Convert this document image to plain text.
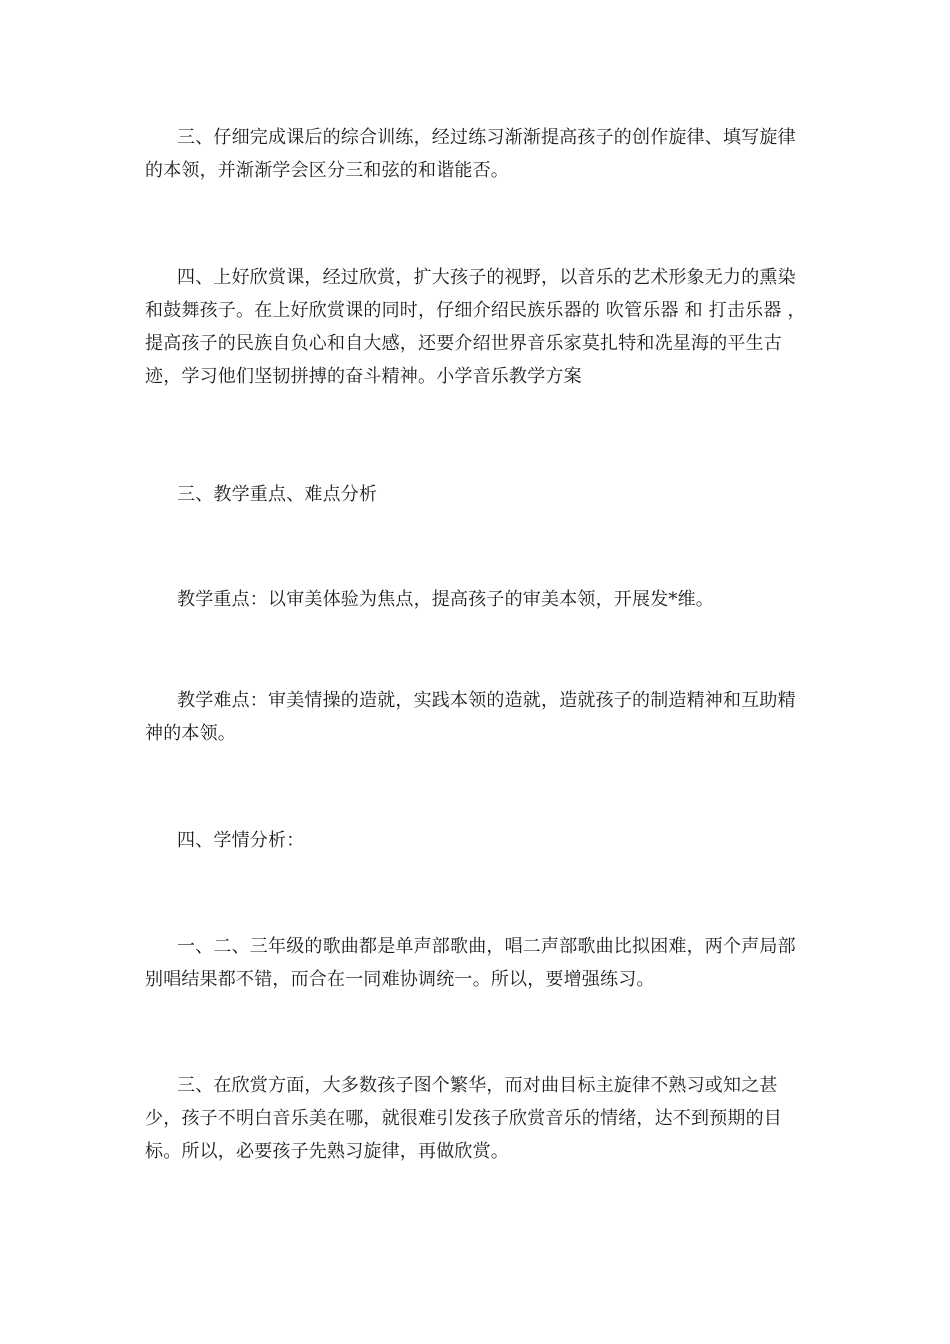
三、仔细完成课后的综合训练，经过练习渐渐提高孩子的创作旋律、填写旋律的本领，并渐渐学会区分三和弦的和谐能否。

四、上好欣赏课，经过欣赏，扩大孩子的视野，以音乐的艺术形象无力的熏染和鼓舞孩子。在上好欣赏课的同时，仔细介绍民族乐器的 吹管乐器 和 打击乐器 ，提高孩子的民族自负心和自大感，还要介绍世界音乐家莫扎特和冼星海的平生古迹，学习他们坚韧拼搏的奋斗精神。小学音乐教学方案

三、教学重点、难点分析

教学重点：以审美体验为焦点，提高孩子的审美本领，开展发*维。

教学难点：审美情操的造就，实践本领的造就，造就孩子的制造精神和互助精神的本领。

四、学情分析：

一、二、三年级的歌曲都是单声部歌曲，唱二声部歌曲比拟困难，两个声局部别唱结果都不错，而合在一同难协调统一。所以，要增强练习。

三、在欣赏方面，大多数孩子图个繁华，而对曲目标主旋律不熟习或知之甚少，孩子不明白音乐美在哪，就很难引发孩子欣赏音乐的情绪，达不到预期的目标。所以，必要孩子先熟习旋律，再做欣赏。
